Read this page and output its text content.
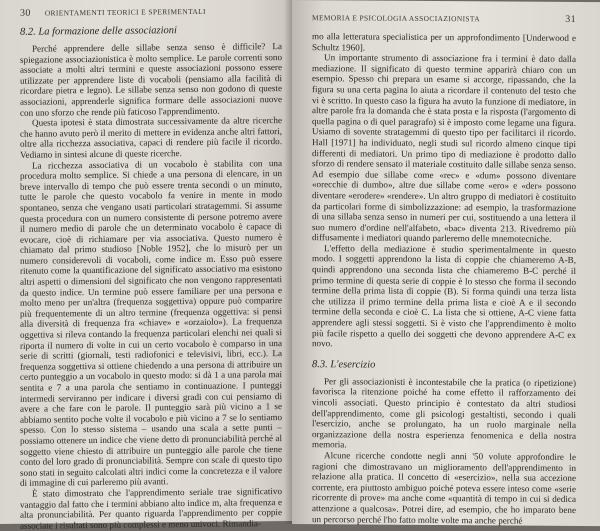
30 ORIENTAMENTI TEORICI E SPERIMENTALI
8.2. La formazione delle associazioni

Perché apprendere delle sillabe senza senso è difficile? La spiegazione associazionistica è molto semplice. Le parole correnti sono associate a molti altri termini e queste associazioni possono essere utilizzate per apprendere liste di vocaboli (pensiamo alla facilità di ricordare pietra e legno). Le sillabe senza senso non godono di queste associazioni, apprenderle significa formare delle associazioni nuove con uno sforzo che rende più faticoso l'apprendimento.

Questa ipotesi è stata dimostrata successivamente da altre ricerche che hanno avuto però il merito di mettere in evidenza anche altri fattori, oltre alla ricchezza associativa, capaci di rendere più facile il ricordo. Vediamo in sintesi alcune di queste ricerche.

La ricchezza associativa di un vocabolo è stabilita con una procedura molto semplice. Si chiede a una persona di elencare, in un breve intervallo di tempo che può essere trenta secondi o un minuto, tutte le parole che questo vocabolo fa venire in mente in modo spontaneo, senza che vengano usati particolari stratagemmi. Si assume questa procedura con un numero consistente di persone potremo avere il numero medio di parole che un determinato vocabolo è capace di evocare, cioè di richiamare per via associativa. Questo numero è chiamato dal primo studioso [Noble 1952], che lo misurò per un numero considerevoli di vocaboli, come indice m. Esso può essere ritenuto come la quantificazione del significato associativo ma esistono altri aspetti o dimensioni del significato che non vengono rappresentati da questo indice. Un termine può essere familiare per una persona e molto meno per un'altra (frequenza soggettiva) oppure può comparire più frequentemente di un altro termine (frequenza oggettiva: si pensi alla diversità di frequenza fra «chiave» e «orzaiolo»). La frequenza oggettiva si rileva contando la frequenza particolari elenchi nei quali si riporta il numero di volte in cui un certo vocabolo è comparso in una serie di scritti (giornali, testi radiofonici e televisivi, libri, ecc.). La frequenza soggettiva si ottiene chiedendo a una persona di attribuire un certo punteggio a un vocabolo in questo modo: si dà 1 a una parola mai sentita e 7 a una parola che sentiamo in continuazione. I punteggi intermedi serviranno per indicare i diversi gradi con cui pensiamo di avere a che fare con le parole. Il punteggio sarà più vicino a 1 se abbiamo sentito poche volte il vocabolo e più vicino a 7 se lo sentiamo spesso. Con lo stesso sistema – usando una scala a sette punti – possiamo ottenere un indice che viene detto di pronunciabilità perché al soggetto viene chiesto di attribuire un punteggio alle parole che tiene conto del loro grado di pronunciabilità. Sempre con scale di questo tipo sono stati in seguito calcolati altri indici come la concretezza e il valore di immagine di cui parleremo più avanti.

È stato dimostrato che l'apprendimento seriale trae significativo vantaggio dal fatto che i termini abbiano alto indice m, alta frequenza e alta pronunciabilità. Per quanto riguarda l'apprendimento per coppie associate i risultati sono più complessi e meno univoci. Rimandia-

MEMORIA E PSICOLOGIA ASSOCIAZIONISTA	31

mo alla letteratura specialistica per un approfondimento [Underwood e Schultz 1960].

Un importante strumento di associazione fra i termini è dato dalla mediazione. Il significato di questo termine apparirà chiaro con un esempio. Spesso chi prepara un esame si accorge, ripassando, che la figura su una certa pagina lo aiuta a ricordare il contenuto del testo che vi è scritto. In questo caso la figura ha avuto la funzione di mediatore, in altre parole fra la domanda che è stata posta e la risposta (l'argomento di quella pagina o di quel paragrafo) si è imposto come legame una figura. Usiamo di sovente stratagemmi di questo tipo per facilitarci il ricordo. Hall [1971] ha individuato, negli studi sul ricordo almeno cinque tipi differenti di mediatori. Un primo tipo di mediazione è prodotto dallo sforzo di rendere sensato il materiale costituito dalle sillabe senza senso. Ad esempio due sillabe come «rec» e «dum» possono diventare «orecchie di dumbo», altre due sillabe come «ero» e «der» possono diventare «erodere» «rendere». Un altro gruppo di mediatori è costituito da particolari forme di simbolizzazione: ad esempio, la trasformazione di una sillaba senza senso in numeri per cui, sostituendo a una lettera il suo numero d'ordine nell'alfabeto, «bac» diventa 213. Rivedremo più diffusamente i mediatori quando parleremo delle mnemotecniche.

L'effetto della mediazione è studio sperimentalmente in questo modo. I soggetti apprendono la lista di coppie che chiameremo A-B, quindi apprendono una seconda lista che chiameremo B-C perché il primo termine di questa serie di coppie è lo stesso che forma il secondo termine della prima lista di coppie (B). Si forma quindi una terza lista che utilizza il primo termine della prima lista e cioè A e il secondo termine della seconda e cioè C. La lista che si ottiene, A-C viene fatta apprendere agli stessi soggetti. Si è visto che l'apprendimento è molto più facile rispetto a quello dei soggetti che devono apprendere A-C ex novo.

8.3. L'esercizio

Per gli associazionisti è incontestabile che la pratica (o ripetizione) favorisca la ritenzione poiché ha come effetto il rafforzamento dei vincoli associati. Questo principio è contestato da altri studiosi dell'apprendimento, come gli psicologi gestaltisti, secondo i quali l'esercizio, anche se prolungato, ha un ruolo marginale nella organizzazione della nostra esperienza fenomenica e della nostra memoria.

Alcune ricerche condotte negli anni '50 volute approfondire le ragioni che dimostravano un miglioramento dell'apprendimento in relazione alla pratica. Il concetto di «esercizio», nella sua accezione corrente, era piuttosto ambiguo poiché poteva essere inteso come «serie ricorrente di prove» ma anche come «quantità di tempo in cui si dedica attenzione a qualcosa». Potrei dire, ad esempio, che ho imparato bene un percorso perché l'ho fatto molte volte ma anche perché
